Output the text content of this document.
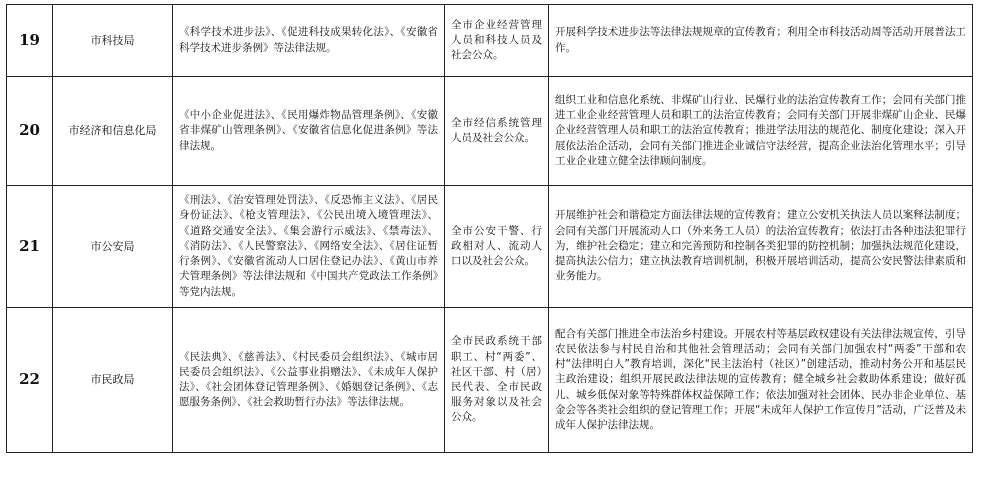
19	市科技局	《科学技术进步法》、《促进科技成果转化法》、《安徽省科学技术进步条例》等法律法规。	全市企业经营管理人员和科技人员及社会公众。	开展科学技术进步法等法律法规规章的宣传教育；利用全市科技活动周等活动开展普法工作。
20	市经济和信息化局	《中小企业促进法》、《民用爆炸物品管理条例》、《安徽省非煤矿山管理条例》、《安徽省信息化促进条例》等法律法规。	全市经信系统管理人员及社会公众。	组织工业和信息化系统、非煤矿山行业、民爆行业的法治宣传教育工作；会同有关部门推进工业企业经营管理人员和职工的法治宣传教育；会同有关部门开展非煤矿山企业、民爆企业经营管理人员和职工的法治宣传教育；推进学法用法的规范化、制度化建设；深入开展依法治企活动，会同有关部门推进企业诚信守法经营，提高企业法治化管理水平；引导工业企业建立健全法律顾问制度。
21	市公安局	《刑法》、《治安管理处罚法》、《反恐怖主义法》、《居民身份证法》、《枪支管理法》、《公民出境入境管理法》、《道路交通安全法》、《集会游行示威法》、《禁毒法》、《消防法》、《人民警察法》、《网络安全法》、《居住证暂行条例》、《安徽省流动人口居住登记办法》、《黄山市养犬管理条例》等法律法规和《中国共产党政法工作条例》等党内法规。	全市公安干警、行政相对人、流动人口以及社会公众。	开展维护社会和谐稳定方面法律法规的宣传教育；建立公安机关执法人员以案释法制度；会同有关部门开展流动人口（外来务工人员）的法治宣传教育；依法打击各种违法犯罪行为，维护社会稳定；建立和完善预防和控制各类犯罪的防控机制；加强执法规范化建设，提高执法公信力；建立执法教育培训机制，积极开展培训活动，提高公安民警法律素质和业务能力。
22	市民政局	《民法典》、《慈善法》、《村民委员会组织法》、《城市居民委员会组织法》、《公益事业捐赠法》、《未成年人保护法》、《社会团体登记管理条例》、《婚姻登记条例》、《志愿服务条例》、《社会救助暂行办法》等法律法规。	全市民政系统干部职工、村“两委”、社区干部、村（居）民代表、全市民政服务对象以及社会公众。	配合有关部门推进全市法治乡村建设。开展农村等基层政权建设有关法律法规宣传，引导农民依法参与村民自治和其他社会管理活动；会同有关部门加强农村“两委”干部和农村“法律明白人”教育培训，深化“民主法治村（社区）”创建活动，推动村务公开和基层民主政治建设；组织开展民政法律法规的宣传教育；健全城乡社会救助体系建设；做好孤儿、城乡低保对象等特殊群体权益保障工作；依法加强对社会团体、民办非企业单位、基金会等各类社会组织的登记管理工作；开展“未成年人保护工作宣传月”活动，广泛普及未成年人保护法律法规。
